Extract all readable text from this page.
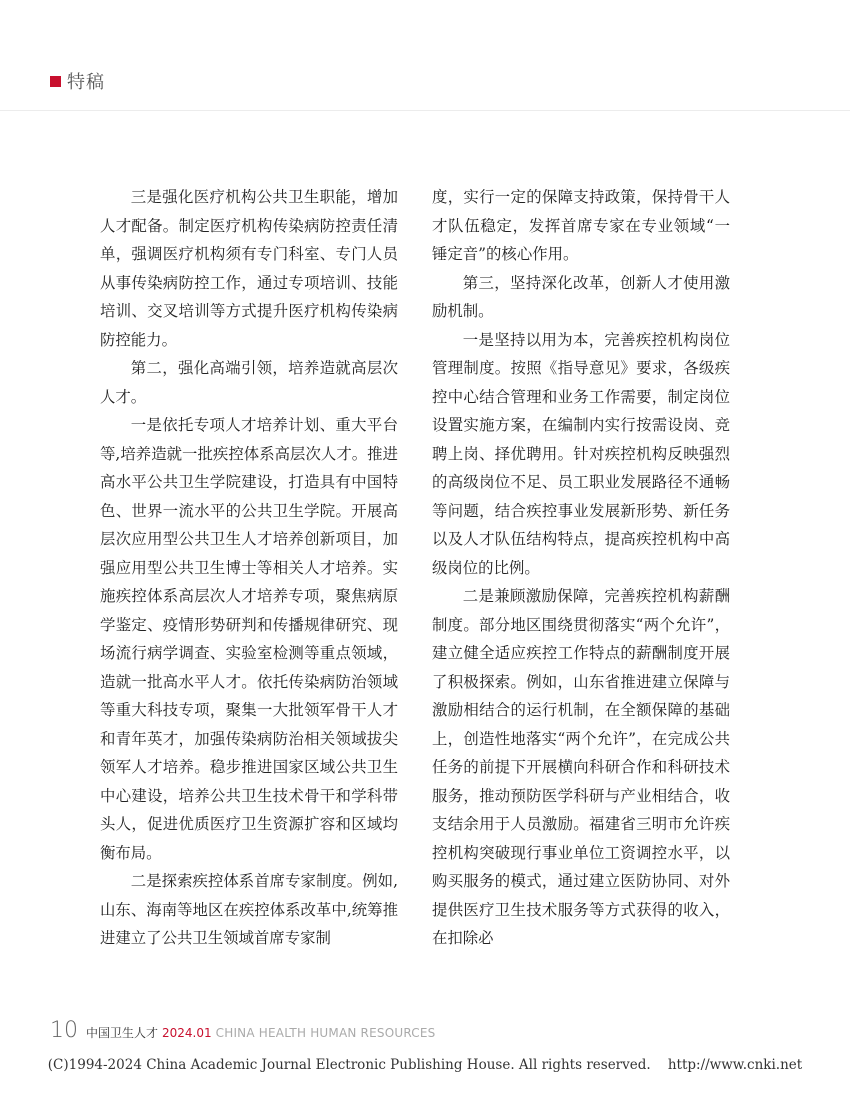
特稿

三是强化医疗机构公共卫生职能，增加人才配备。制定医疗机构传染病防控责任清单，强调医疗机构须有专门科室、专门人员从事传染病防控工作，通过专项培训、技能培训、交叉培训等方式提升医疗机构传染病防控能力。

第二，强化高端引领，培养造就高层次人才。

一是依托专项人才培养计划、重大平台等,培养造就一批疾控体系高层次人才。推进高水平公共卫生学院建设，打造具有中国特色、世界一流水平的公共卫生学院。开展高层次应用型公共卫生人才培养创新项目，加强应用型公共卫生博士等相关人才培养。实施疾控体系高层次人才培养专项，聚焦病原学鉴定、疫情形势研判和传播规律研究、现场流行病学调查、实验室检测等重点领域，造就一批高水平人才。依托传染病防治领域等重大科技专项，聚集一大批领军骨干人才和青年英才，加强传染病防治相关领域拔尖领军人才培养。稳步推进国家区域公共卫生中心建设，培养公共卫生技术骨干和学科带头人，促进优质医疗卫生资源扩容和区域均衡布局。

二是探索疾控体系首席专家制度。例如,山东、海南等地区在疾控体系改革中,统筹推进建立了公共卫生领域首席专家制

度，实行一定的保障支持政策，保持骨干人才队伍稳定，发挥首席专家在专业领域“一锤定音”的核心作用。

第三，坚持深化改革，创新人才使用激励机制。

一是坚持以用为本，完善疾控机构岗位管理制度。按照《指导意见》要求，各级疾控中心结合管理和业务工作需要，制定岗位设置实施方案，在编制内实行按需设岗、竞聘上岗、择优聘用。针对疾控机构反映强烈的高级岗位不足、员工职业发展路径不通畅等问题，结合疾控事业发展新形势、新任务以及人才队伍结构特点，提高疾控机构中高级岗位的比例。

二是兼顾激励保障，完善疾控机构薪酬制度。部分地区围绕贯彻落实“两个允许”，建立健全适应疾控工作特点的薪酬制度开展了积极探索。例如，山东省推进建立保障与激励相结合的运行机制，在全额保障的基础上，创造性地落实“两个允许”，在完成公共任务的前提下开展横向科研合作和科研技术服务，推动预防医学科研与产业相结合，收支结余用于人员激励。福建省三明市允许疾控机构突破现行事业单位工资调控水平，以购买服务的模式，通过建立医防协同、对外提供医疗卫生技术服务等方式获得的收入，在扣除必

10 中国卫生人才 2024.01 CHINA HEALTH HUMAN RESOURCES
(C)1994-2024 China Academic Journal Electronic Publishing House. All rights reserved.    http://www.cnki.net
